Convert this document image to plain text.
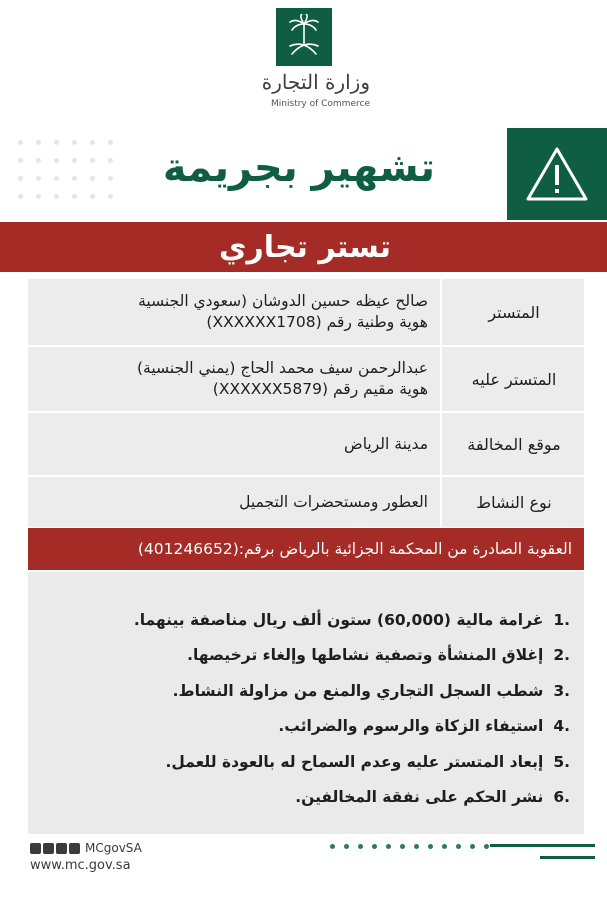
وزارة التجارة
Ministry of Commerce
تشهير بجريمة
تستر تجاري
صالح عيظه حسين الدوشان (سعودي الجنسية
هوية وطنية رقم (XXXXXX1708)
المتستر
عبدالرحمن سيف محمد الحاج (يمني الجنسية)
هوية مقيم رقم (XXXXXX5879)
المتستر عليه
مدينة الرياض	موقع المخالفة
العطور ومستحضرات التجميل	نوع النشاط
العقوبة الصادرة من المحكمة الجزائية بالرياض برقم:(401246652)
.1
غرامة مالية (60,000) ستون ألف ريال مناصفة بينهما.
.2
إغلاق المنشأة وتصفية نشاطها وإلغاء ترخيصها.
.3
شطب السجل التجاري والمنع من مزاولة النشاط.
.4
استيفاء الزكاة والرسوم والضرائب.
.5
إبعاد المتستر عليه وعدم السماح له بالعودة للعمل.
.6
نشر الحكم على نفقة المخالفين.
MCgovSA
www.mc.gov.sa
